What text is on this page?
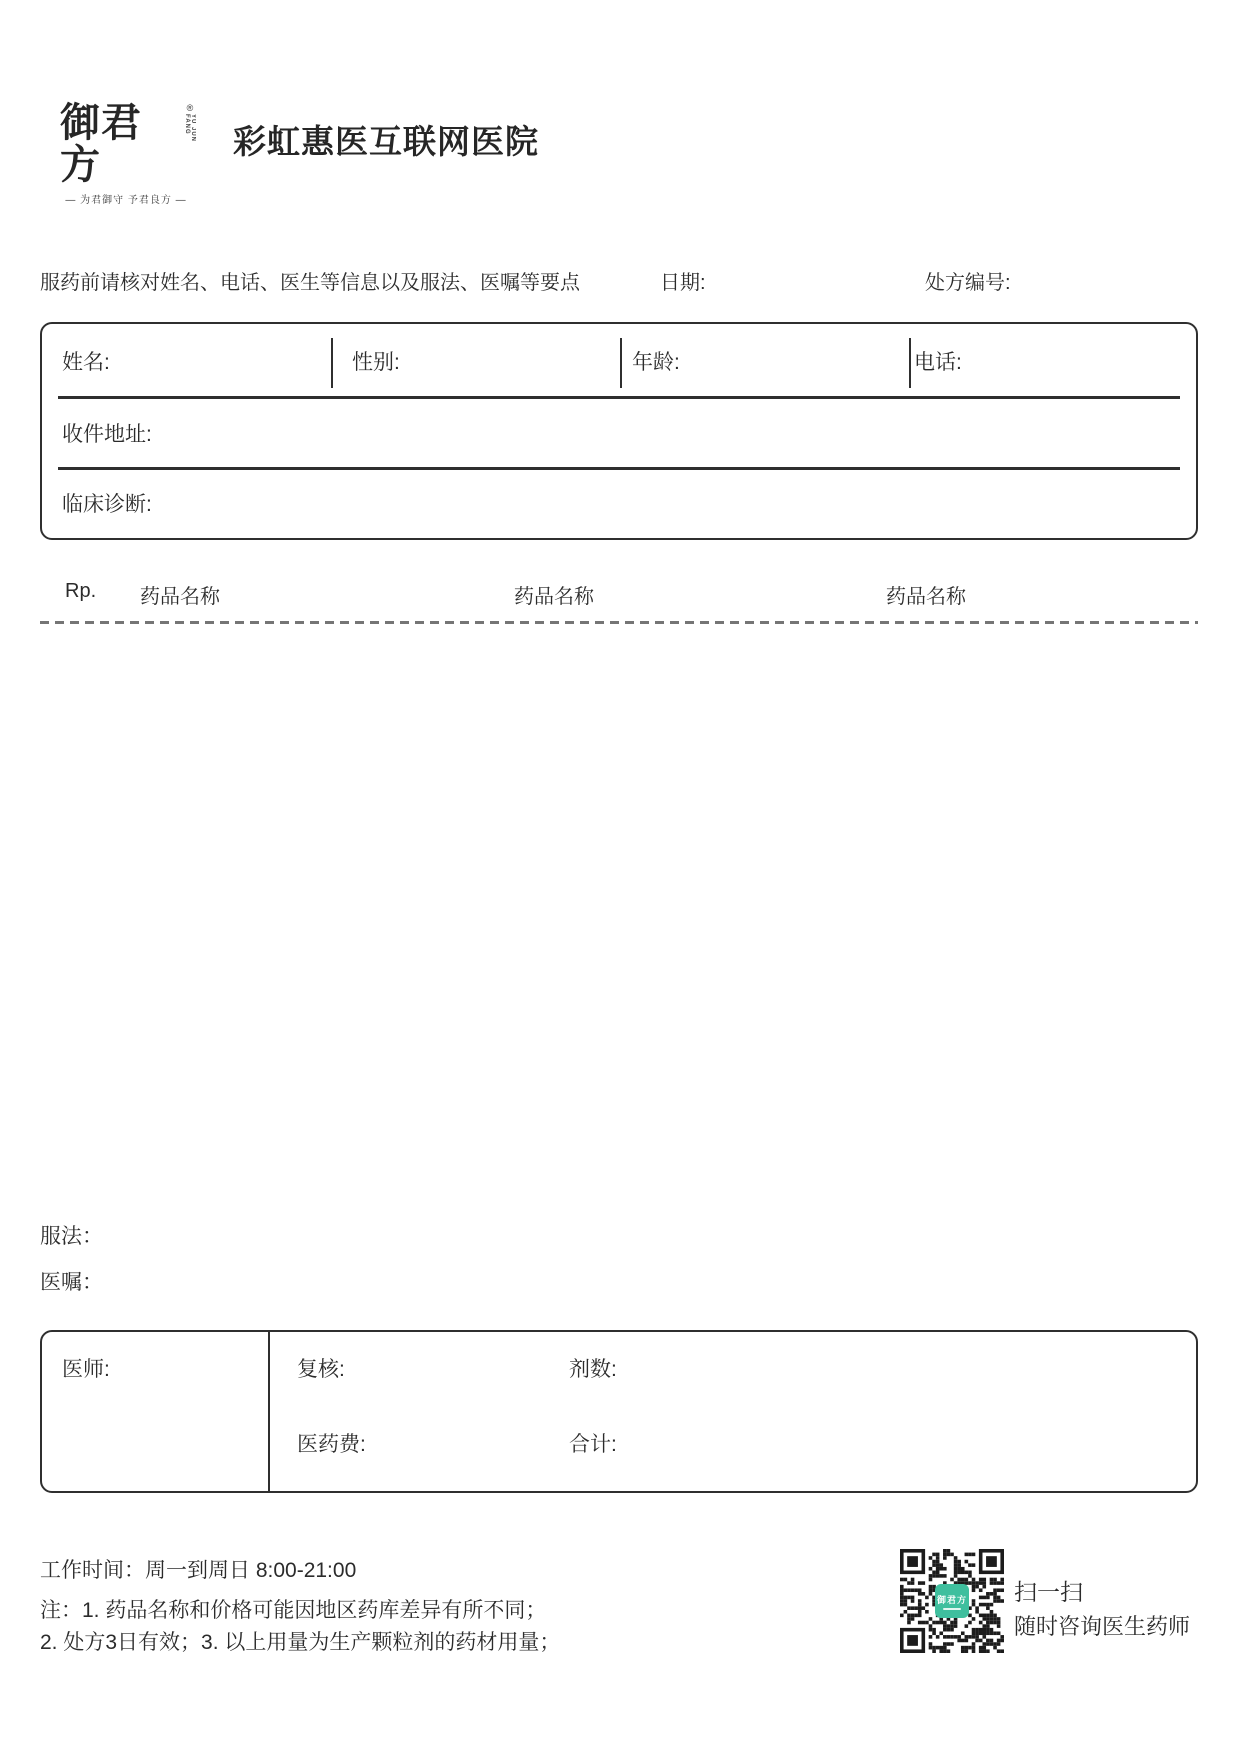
御君方
®
YU JUN FANG
— 为君御守 予君良方 —
彩虹惠医互联网医院
服药前请核对姓名、电话、医生等信息以及服法、医嘱等要点	日期:	处方编号:
姓名:	性别:	年龄:	电话:
收件地址:
临床诊断:
Rp. 药品名称	药品名称	药品名称
服法：
医嘱：
医师:	复核:	剂数:
医药费:	合计:
工作时间：周一到周日 8:00-21:00
注：1. 药品名称和价格可能因地区药库差异有所不同；
2. 处方3日有效；3. 以上用量为生产颗粒剂的药材用量；
御君方 扫一扫
随时咨询医生药师
